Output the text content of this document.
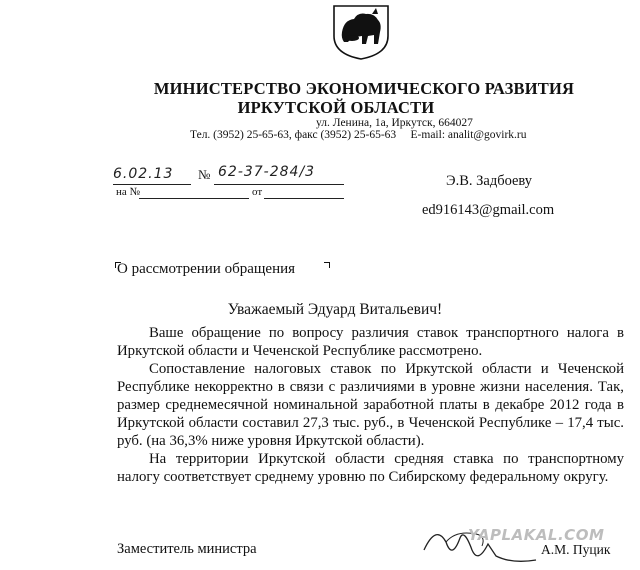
МИНИСТЕРСТВО ЭКОНОМИЧЕСКОГО РАЗВИТИЯ
ИРКУТСКОЙ ОБЛАСТИ
ул. Ленина, 1а, Иркутск, 664027
Тел. (3952) 25-65-63, факс (3952) 25-65-63     E-mail: analit@govirk.ru
6.02.13 № 62-37-284/3
на №	от
Э.В. Задбоеву
ed916143@gmail.com
О рассмотрении обращения
Уважаемый Эдуард Витальевич!

Ваше обращение по вопросу различия ставок транспортного налога в Иркутской области и Чеченской Республике рассмотрено.

Сопоставление налоговых ставок по Иркутской области и Чеченской Республике некорректно в связи с различиями в уровне жизни населения. Так, размер среднемесячной номинальной заработной платы в декабре 2012 года в Иркутской области составил 27,3 тыс. руб., в Чеченской Республике – 17,4 тыс. руб. (на 36,3% ниже уровня Иркутской области).

На территории Иркутской области средняя ставка по транспортному налогу соответствует среднему уровню по Сибирскому федеральному округу.

Заместитель министра
YAPLAKAL.COM
А.М. Пуцик
